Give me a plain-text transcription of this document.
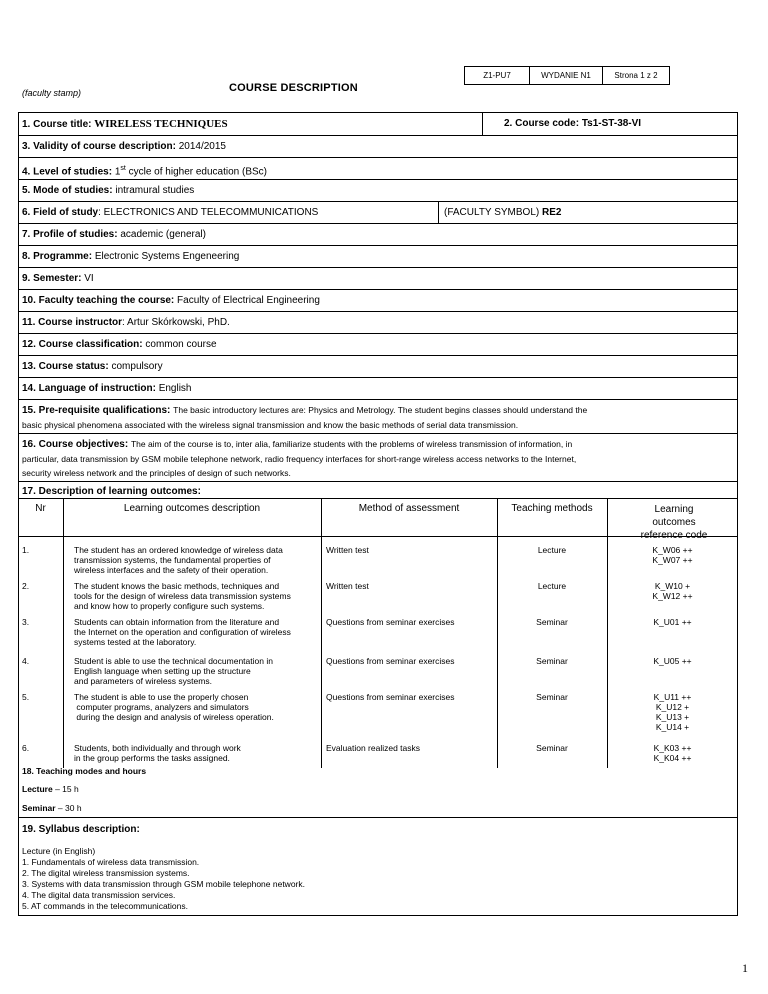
(faculty stamp)	COURSE DESCRIPTION
Z1-PU7	WYDANIE N1	Strona 1 z 2
1. Course title: WIRELESS TECHNIQUES	2. Course code: Ts1-ST-38-VI
3. Validity of course description: 2014/2015
4. Level of studies: 1st cycle of higher education (BSc)
5. Mode of studies: intramural studies
6. Field of study: ELECTRONICS AND TELECOMMUNICATIONS	(FACULTY SYMBOL) RE2
7. Profile of studies: academic (general)
8. Programme: Electronic Systems Engeneering
9. Semester: VI
10. Faculty teaching the course: Faculty of Electrical Engineering
11. Course instructor: Artur Skórkowski, PhD.
12. Course classification: common course
13. Course status: compulsory
14. Language of instruction: English
15. Pre-requisite qualifications: The basic introductory lectures are: Physics and Metrology. The student begins classes should understand the
basic physical phenomena associated with the wireless signal transmission and know the basic methods of serial data transmission.
16. Course objectives: The aim of the course is to, inter alia, familiarize students with the problems of wireless transmission of information, in
particular, data transmission by GSM mobile telephone network, radio frequency interfaces for short-range wireless access networks to the Internet,
security wireless network and the principles of design of such networks.
17. Description of learning outcomes:
Nr	Learning outcomes description	Method of assessment	Teaching methods	Learning outcomes reference code
1.	The student has an ordered knowledge of wireless data
transmission systems, the fundamental properties of
wireless interfaces and the safety of their operation.
Written test	Lecture	K_W06 ++
K_W07 ++
2.	The student knows the basic methods, techniques and
tools for the design of wireless data transmission systems
and know how to properly configure such systems.
Written test	Lecture	K_W10 +
K_W12 ++
3.	Students can obtain information from the literature and
the Internet on the operation and configuration of wireless
systems tested at the laboratory.
Questions from seminar exercises	Seminar	K_U01 ++
4.	Student is able to use the technical documentation in
English language when setting up the structure
and parameters of wireless systems.
Questions from seminar exercises	Seminar	K_U05 ++
5.	The student is able to use the properly chosen
computer programs, analyzers and simulators
during the design and analysis of wireless operation.
Questions from seminar exercises	Seminar	K_U11 ++
K_U12 +
K_U13 +
K_U14 +
6.	Students, both individually and through work
in the group performs the tasks assigned.
Evaluation realized tasks	Seminar	K_K03 ++
K_K04 ++
18. Teaching modes and hours
Lecture – 15 h
Seminar – 30 h
19. Syllabus description:
Lecture (in English)
1. Fundamentals of wireless data transmission.
2. The digital wireless transmission systems.
3. Systems with data transmission through GSM mobile telephone network.
4. The digital data transmission services.
5. AT commands in the telecommunications.
1
